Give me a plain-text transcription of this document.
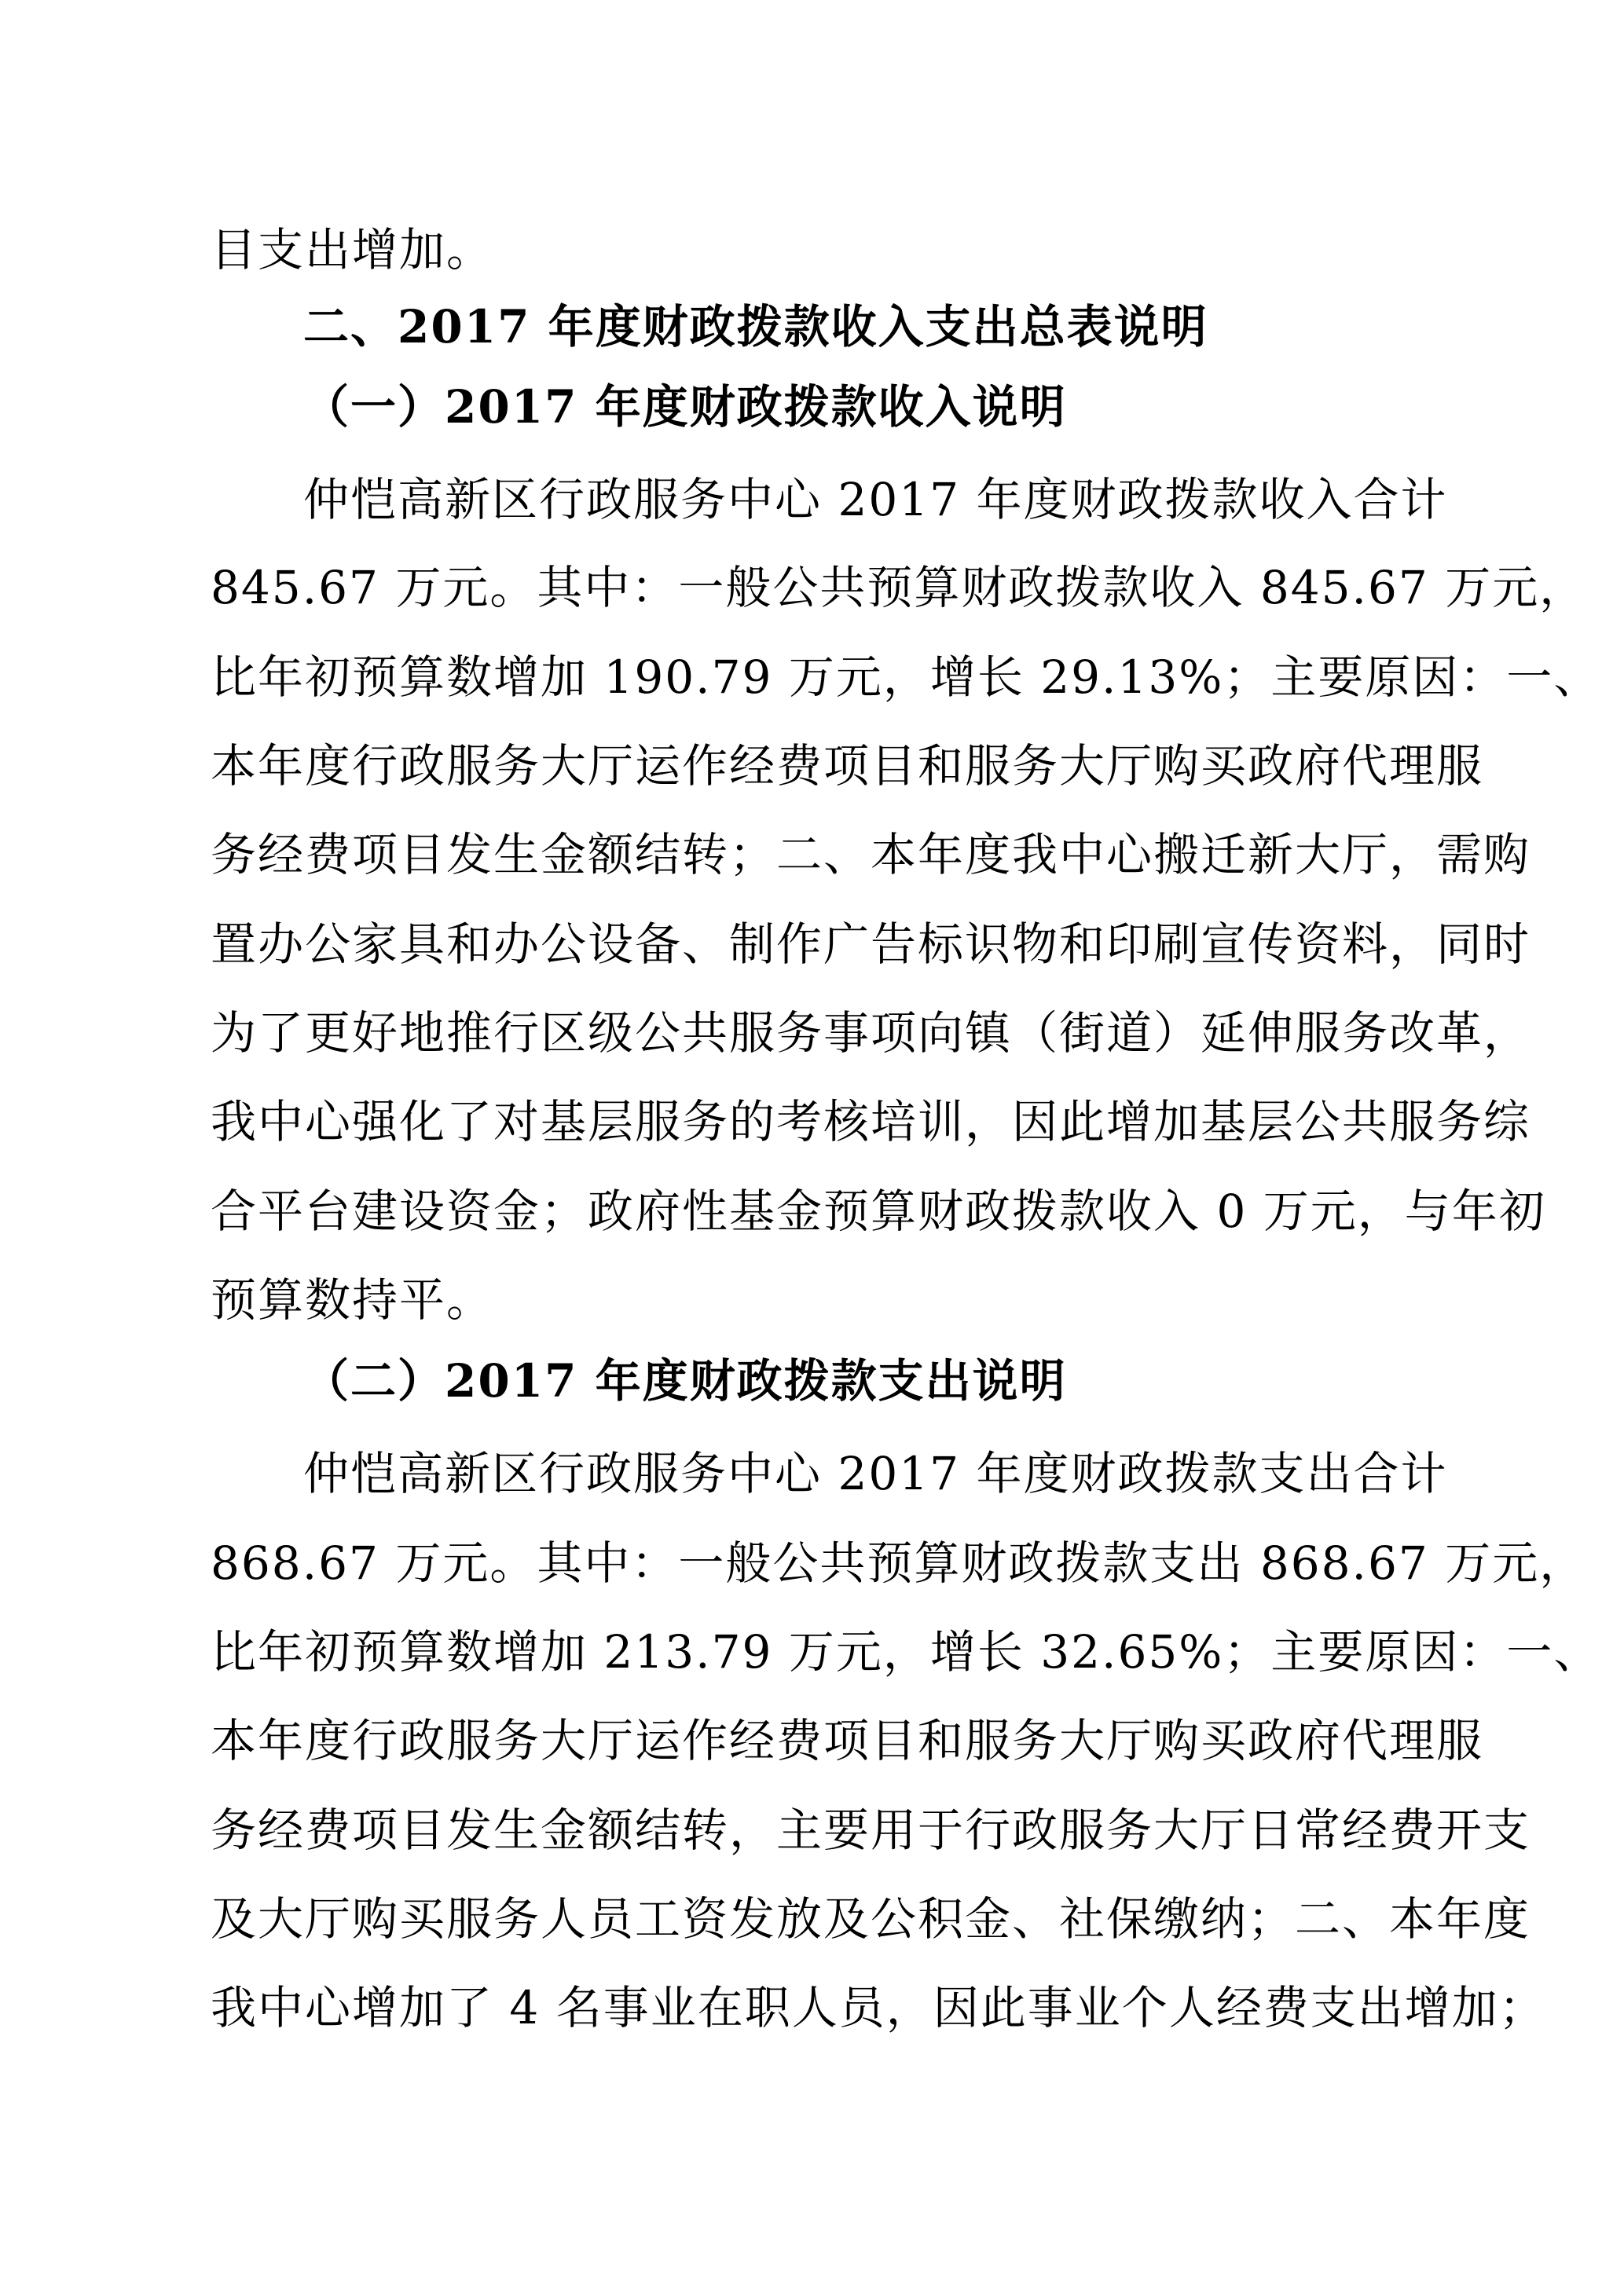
目支出增加。
二、2017 年度财政拨款收入支出总表说明
（一）2017 年度财政拨款收入说明
仲恺高新区行政服务中心 2017 年度财政拨款收入合计
845.67 万元。其中：一般公共预算财政拨款收入 845.67 万元，
比年初预算数增加 190.79 万元，增长 29.13%；主要原因：一、
本年度行政服务大厅运作经费项目和服务大厅购买政府代理服
务经费项目发生金额结转；二、本年度我中心搬迁新大厅，需购
置办公家具和办公设备、制作广告标识物和印刷宣传资料，同时
为了更好地推行区级公共服务事项向镇（街道）延伸服务改革，
我中心强化了对基层服务的考核培训，因此增加基层公共服务综
合平台建设资金；政府性基金预算财政拨款收入 0 万元，与年初
预算数持平。
（二）2017 年度财政拨款支出说明
仲恺高新区行政服务中心 2017 年度财政拨款支出合计
868.67 万元。其中：一般公共预算财政拨款支出 868.67 万元，
比年初预算数增加 213.79 万元，增长 32.65%；主要原因：一、
本年度行政服务大厅运作经费项目和服务大厅购买政府代理服
务经费项目发生金额结转，主要用于行政服务大厅日常经费开支
及大厅购买服务人员工资发放及公积金、社保缴纳；二、本年度
我中心增加了 4 名事业在职人员，因此事业个人经费支出增加；
